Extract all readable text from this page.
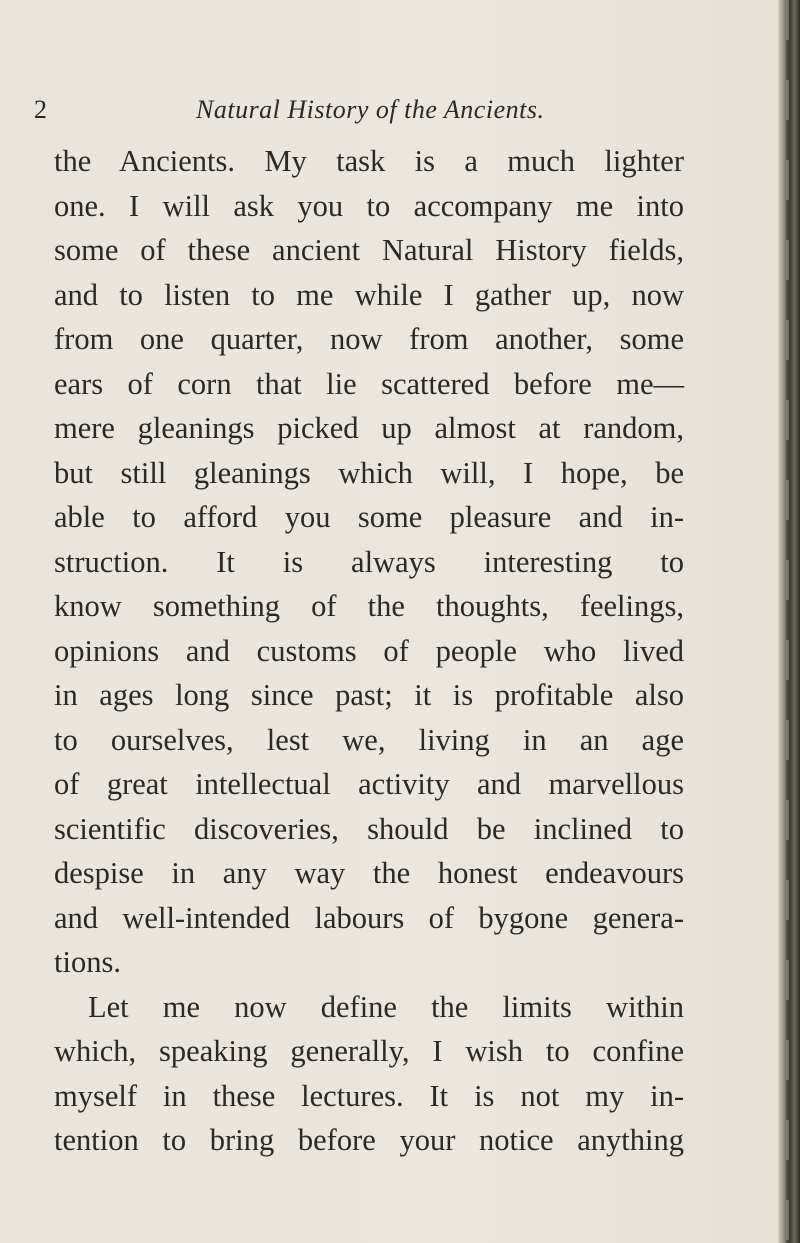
2	Natural History of the Ancients.
the Ancients. My task is a much lighter
one. I will ask you to accompany me into
some of these ancient Natural History fields,
and to listen to me while I gather up, now
from one quarter, now from another, some
ears of corn that lie scattered before me—
mere gleanings picked up almost at random,
but still gleanings which will, I hope, be
able to afford you some pleasure and in-
struction. It is always interesting to
know something of the thoughts, feelings,
opinions and customs of people who lived
in ages long since past; it is profitable also
to ourselves, lest we, living in an age
of great intellectual activity and marvellous
scientific discoveries, should be inclined to
despise in any way the honest endeavours
and well-intended labours of bygone genera-
tions.
Let me now define the limits within
which, speaking generally, I wish to confine
myself in these lectures. It is not my in-
tention to bring before your notice anything
